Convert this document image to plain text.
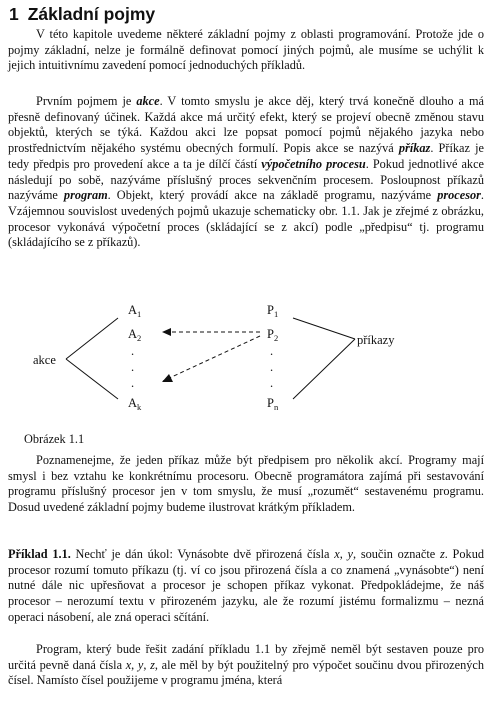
1 Základní pojmy

V této kapitole uvedeme některé základní pojmy z oblasti programování. Protože jde o pojmy základní, nelze je formálně definovat pomocí jiných pojmů, ale musíme se uchýlit k jejich intuitivnímu zavedení pomocí jednoduchých příkladů.

Prvním pojmem je akce. V tomto smyslu je akce děj, který trvá konečně dlouho a má přesně definovaný účinek. Každá akce má určitý efekt, který se projeví obecně změnou stavu objektů, kterých se týká. Každou akci lze popsat pomocí pojmů nějakého jazyka nebo prostřednictvím nějakého systému obecných formulí. Popis akce se nazývá příkaz. Příkaz je tedy předpis pro provedení akce a ta je dílčí částí výpočetního procesu. Pokud jednotlivé akce následují po sobě, nazýváme příslušný proces sekvenčním procesem. Posloupnost příkazů nazýváme program. Objekt, který provádí akce na základě programu, nazýváme procesor. Vzájemnou souvislost uvedených pojmů ukazuje schematicky obr. 1.1. Jak je zřejmé z obrázku, procesor vykonává výpočetní proces (skládající se z akcí) podle „předpisu“ tj. programu (skládajícího se z příkazů).

akce
příkazy
$A_1$
$A_2$
.
.
.
$A_k$
$P_1$
$P_2$
.
.
.
$P_n$

Obrázek 1.1

Poznamenejme, že jeden příkaz může být předpisem pro několik akcí. Programy mají smysl i bez vztahu ke konkrétnímu procesoru. Obecně programátora zajímá při sestavování programu příslušný procesor jen v tom smyslu, že musí „rozumět“ sestavenému programu. Dosud uvedené základní pojmy budeme ilustrovat krátkým příkladem.

Příklad 1.1. Nechť je dán úkol: Vynásobte dvě přirozená čísla x, y, součin označte z. Pokud procesor rozumí tomuto příkazu (tj. ví co jsou přirozená čísla a co znamená „vynásobte“) není nutné dále nic upřesňovat a procesor je schopen příkaz vykonat. Předpokládejme, že náš procesor – nerozumí textu v přirozeném jazyku, ale že rozumí jistému formalizmu – nezná operaci násobení, ale zná operaci sčítání.

Program, který bude řešit zadání příkladu 1.1 by zřejmě neměl být sestaven pouze pro určitá pevně daná čísla x, y, z, ale měl by být použitelný pro výpočet součinu dvou přirozených čísel. Namísto čísel použijeme v programu jména, která
